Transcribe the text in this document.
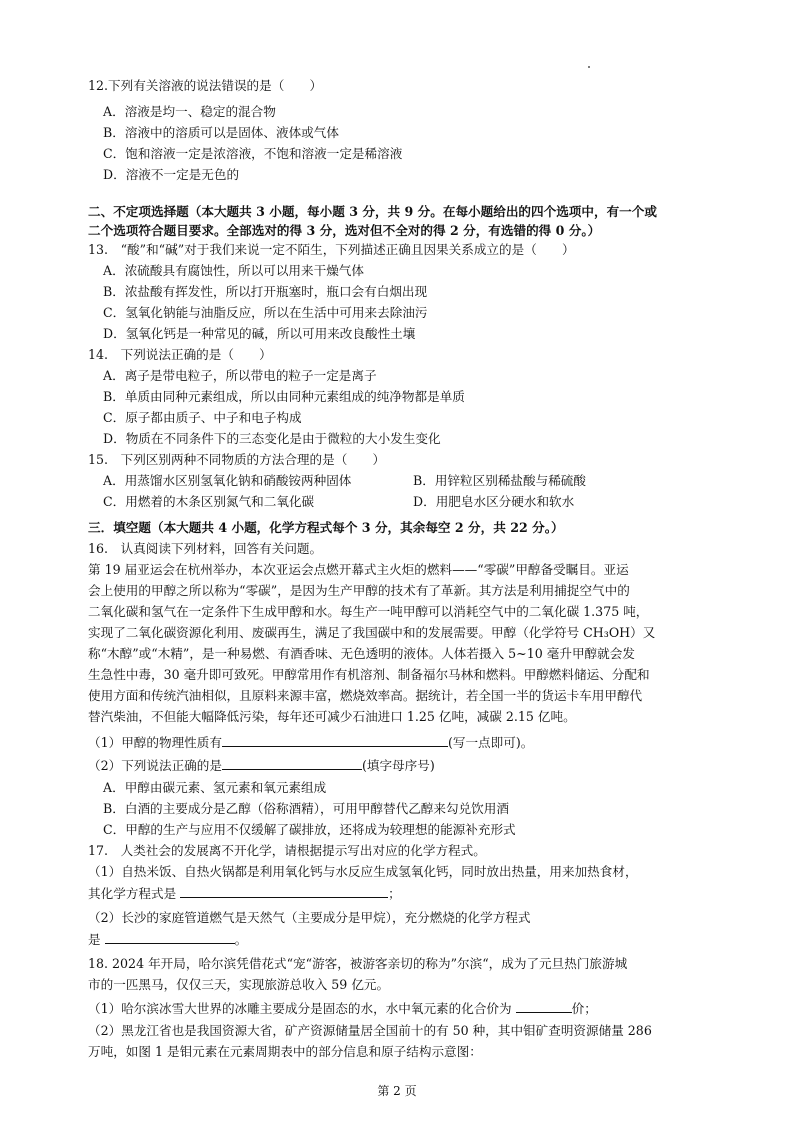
12.下列有关溶液的说法错误的是（　　）
A．溶液是均一、稳定的混合物
B．溶液中的溶质可以是固体、液体或气体
C．饱和溶液一定是浓溶液，不饱和溶液一定是稀溶液
D．溶液不一定是无色的
二、不定项选择题（本大题共 3 小题，每小题 3 分，共 9 分。在每小题给出的四个选项中，有一个或
二个选项符合题目要求。全部选对的得 3 分，选对但不全对的得 2 分，有选错的得 0 分。）
13.　“酸”和“碱”对于我们来说一定不陌生，下列描述正确且因果关系成立的是（　　）
A．浓硫酸具有腐蚀性，所以可以用来干燥气体
B．浓盐酸有挥发性，所以打开瓶塞时，瓶口会有白烟出现
C．氢氧化钠能与油脂反应，所以在生活中可用来去除油污
D．氢氧化钙是一种常见的碱，所以可用来改良酸性土壤
14.　下列说法正确的是（　　）
A．离子是带电粒子，所以带电的粒子一定是离子
B．单质由同种元素组成，所以由同种元素组成的纯净物都是单质
C．原子都由质子、中子和电子构成
D．物质在不同条件下的三态变化是由于微粒的大小发生变化
15.　下列区别两种不同物质的方法合理的是（　　）
A．用蒸馏水区别氢氧化钠和硝酸铵两种固体	B．用锌粒区别稀盐酸与稀硫酸
C．用燃着的木条区别氮气和二氧化碳	D．用肥皂水区分硬水和软水
三．填空题（本大题共 4 小题，化学方程式每个 3 分，其余每空 2 分，共 22 分。）
16.　认真阅读下列材料，回答有关问题。
第 19 届亚运会在杭州举办，本次亚运会点燃开幕式主火炬的燃料——“零碳”甲醇备受瞩目。亚运
会上使用的甲醇之所以称为“零碳”，是因为生产甲醇的技术有了革新。其方法是利用捕捉空气中的
二氧化碳和氢气在一定条件下生成甲醇和水。每生产一吨甲醇可以消耗空气中的二氧化碳 1.375 吨，
实现了二氧化碳资源化利用、废碳再生，满足了我国碳中和的发展需要。甲醇（化学符号 CH₃OH）又
称“木醇”或“木精”，是一种易燃、有酒香味、无色透明的液体。人体若摄入 5~10 毫升甲醇就会发
生急性中毒，30 毫升即可致死。甲醇常用作有机溶剂、制备福尔马林和燃料。甲醇燃料储运、分配和
使用方面和传统汽油相似，且原料来源丰富，燃烧效率高。据统计，若全国一半的货运卡车用甲醇代
替汽柴油，不但能大幅降低污染，每年还可减少石油进口 1.25 亿吨，减碳 2.15 亿吨。
（1）甲醇的物理性质有	(写一点即可)。
（2）下列说法正确的是	(填字母序号)
A．甲醇由碳元素、氢元素和氧元素组成
B．白酒的主要成分是乙醇（俗称酒精），可用甲醇替代乙醇来勾兑饮用酒
C．甲醇的生产与应用不仅缓解了碳排放，还将成为较理想的能源补充形式
17.　人类社会的发展离不开化学，请根据提示写出对应的化学方程式。
（1）自热米饭、自热火锅都是利用氧化钙与水反应生成氢氧化钙，同时放出热量，用来加热食材，
其化学方程式是	；
（2）长沙的家庭管道燃气是天然气（主要成分是甲烷），充分燃烧的化学方程式
是	。
18. 2024 年开局，哈尔滨凭借花式“宠“游客，被游客亲切的称为”尔滨“，成为了元旦热门旅游城
市的一匹黑马，仅仅三天，实现旅游总收入 59 亿元。
（1）哈尔滨冰雪大世界的冰雕主要成分是固态的水，水中氧元素的化合价为	价；
（2）黑龙江省也是我国资源大省，矿产资源储量居全国前十的有 50 种，其中钼矿查明资源储量 286
万吨，如图 1 是钼元素在元素周期表中的部分信息和原子结构示意图：
第 2 页
